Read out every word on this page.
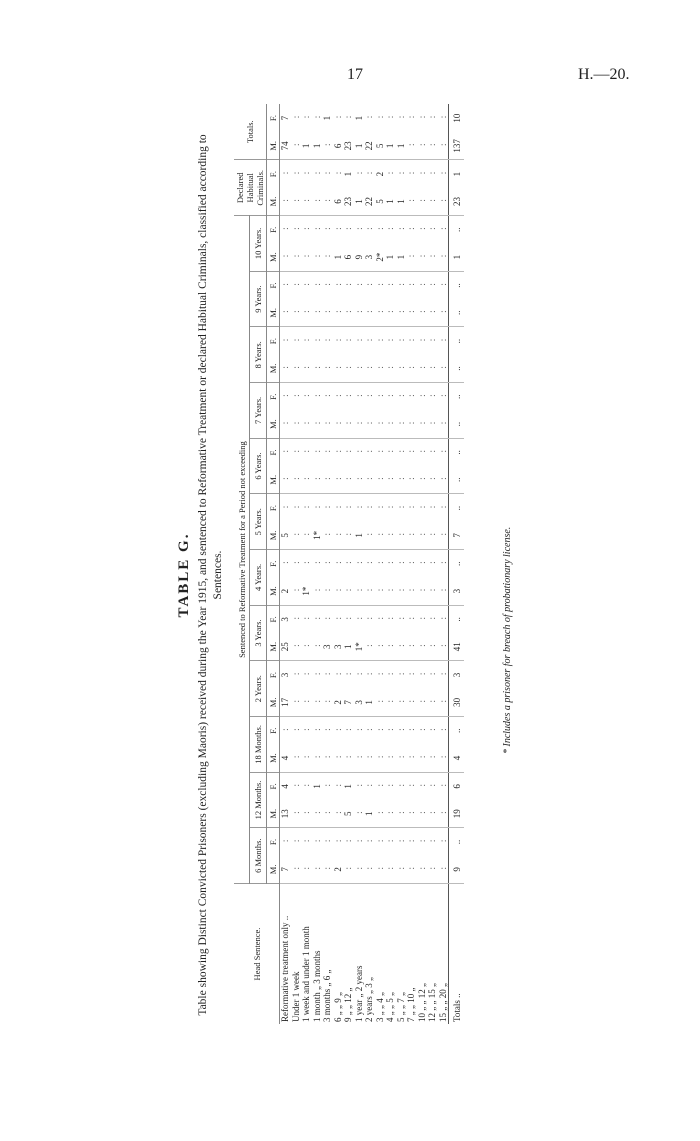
17	H.—20.
TABLE G. Table showing Distinct Convicted Prisoners (excluding Maoris) received during the Year 1915, and sentenced to Reformative Treatment or declared Habitual Criminals, classified according to Sentences.
Head Sentence.	Sentenced to Reformative Treatment for a Period not exceeding																								Declared Habitual Criminals.		Totals.	
	6 Months.		12 Months.		18 Months.		2 Years.		3 Years.		4 Years.		5 Years.		6 Years.		7 Years.		8 Years.		9 Years.		10 Years.					
	M.	F.	M.	F.	M.	F.	M.	F.	M.	F.	M.	F.	M.	F.	M.	F.	M.	F.	M.	F.	M.	F.	M.	F.	M.	F.	M.	F.
Reformative treatment only ..	7	:	13	4	4	:	17	3	25	3	2	:	5	:	:	:	:	:	:	:	:	:	:	:	:	:	74	7
Under 1 week	:	:	:	:	:	:	:	:	:	:	:	:	:	:	:	:	:	:	:	:	:	:	:	:	:	:	:	:
1 week and under 1 month	:	:	:	:	:	:	:	:	:	:	1*	:	:	:	:	:	:	:	:	:	:	:	:	:	:	:	1	:
1 month „ 3 months	:	:	:	1	:	:	:	:	:	:	:	:	1*	:	:	:	:	:	:	:	:	:	:	:	:	:	1	:
3 months „ 6 „	:	:	:	:	:	:	:	:	3	:	:	:	:	:	:	:	:	:	:	:	:	:	:	:	:	:	:	1
6 „ „ 9 „	2	:	:	:	:	:	2	:	3	:	:	:	:	:	:	:	:	:	:	:	:	:	1	:	6	:	6	:
9 „ „ 12 „	:	:	5	1	:	:	7	:	1	:	:	:	:	:	:	:	:	:	:	:	:	:	6	:	23	1	23	:
1 year „ 2 years	:	:	:	:	:	:	3	:	1*	:	:	:	1	:	:	:	:	:	:	:	:	:	9	:	1	:	1	1
2 years „ 3 „	:	:	1	:	:	:	1	:	:	:	:	:	:	:	:	:	:	:	:	:	:	:	3	:	22	:	22	:
3 „ „ 4 „	:	:	:	:	:	:	:	:	:	:	:	:	:	:	:	:	:	:	:	:	:	:	2*	:	5	2	5	:
4 „ „ 5 „	:	:	:	:	:	:	:	:	:	:	:	:	:	:	:	:	:	:	:	:	:	:	1	:	1	:	1	:
5 „ „ 7 „	:	:	:	:	:	:	:	:	:	:	:	:	:	:	:	:	:	:	:	:	:	:	1	:	1	:	1	:
7 „ „ 10 „	:	:	:	:	:	:	:	:	:	:	:	:	:	:	:	:	:	:	:	:	:	:	:	:	:	:	:	:
10 „ „ 12 „	:	:	:	:	:	:	:	:	:	:	:	:	:	:	:	:	:	:	:	:	:	:	:	:	:	:	:	:
12 „ „ 15 „	:	:	:	:	:	:	:	:	:	:	:	:	:	:	:	:	:	:	:	:	:	:	:	:	:	:	:	:
15 „ „ 20 „	:	:	:	:	:	:	:	:	:	:	:	:	:	:	:	:	:	:	:	:	:	:	:	:	:	:	:	:
Totals ..	9	..	19	6	4	..	30	3	41	..	3	..	7	..	..	..	..	..	..	..	..	..	1	..	23	1	137	10
* Includes a prisoner for breach of probationary license.
